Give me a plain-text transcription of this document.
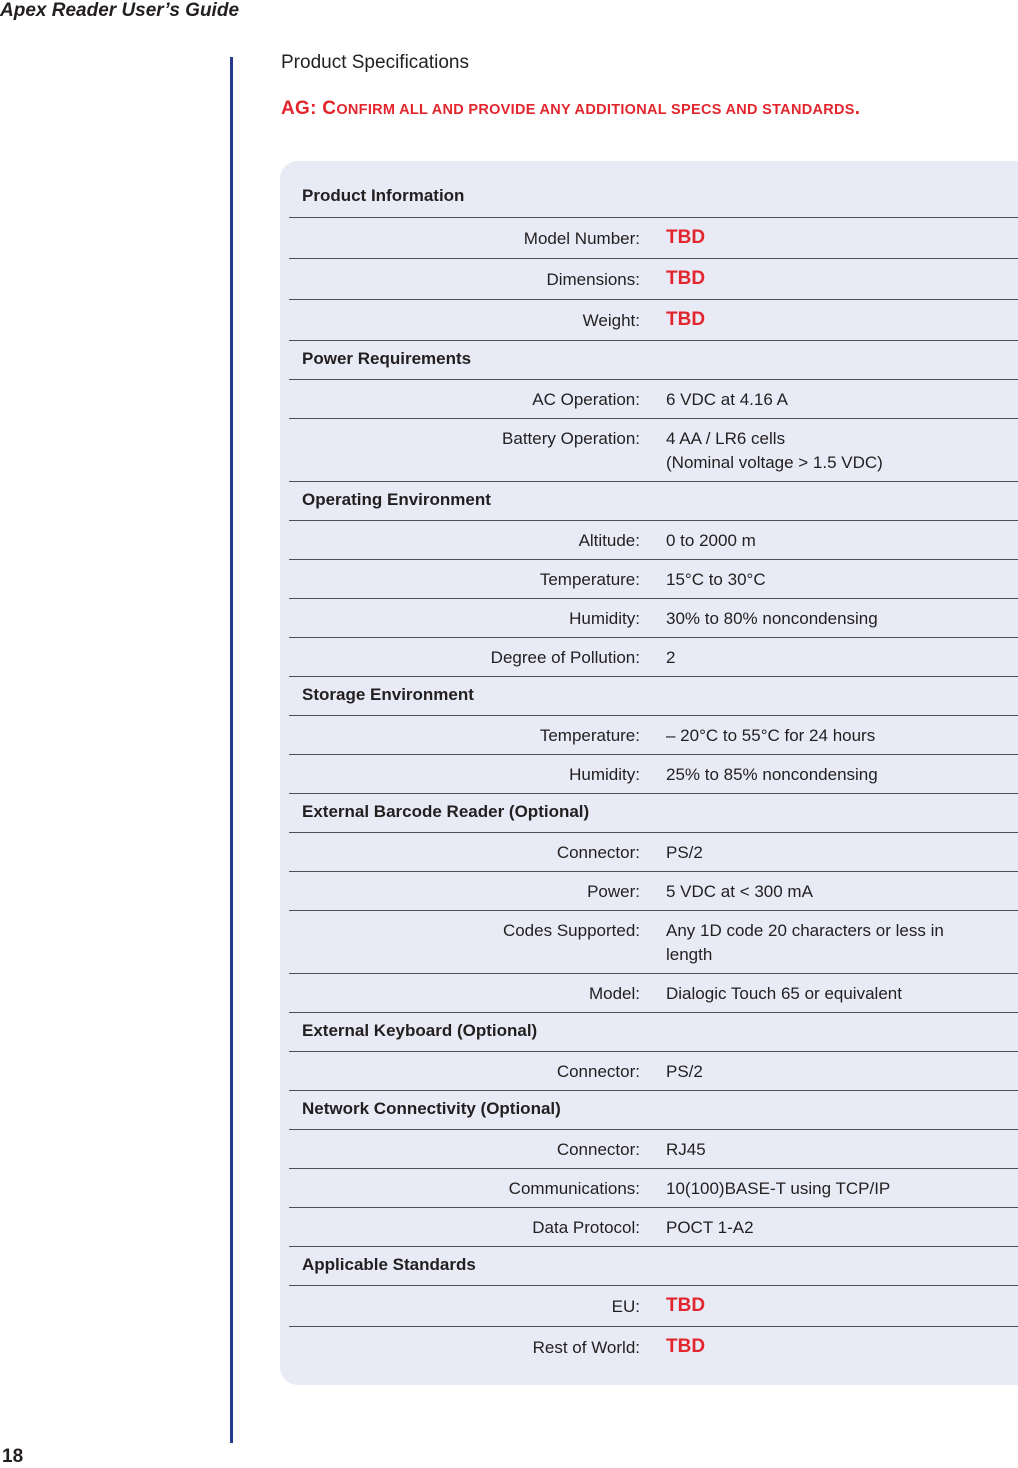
Apex Reader User’s Guide
18
Product Specifications
AG: CONFIRM ALL AND PROVIDE ANY ADDITIONAL SPECS AND STANDARDS.
Product Information
Model Number: TBD
Dimensions: TBD
Weight: TBD
Power Requirements
AC Operation: 6 VDC at 4.16 A
Battery Operation: 4 AA / LR6 cells
(Nominal voltage > 1.5 VDC)
Operating Environment
Altitude: 0 to 2000 m
Temperature: 15°C to 30°C
Humidity: 30% to 80% noncondensing
Degree of Pollution: 2
Storage Environment
Temperature: – 20°C to 55°C for 24 hours
Humidity: 25% to 85% noncondensing
External Barcode Reader (Optional)
Connector: PS/2
Power: 5 VDC at < 300 mA
Codes Supported: Any 1D code 20 characters or less in length
Model: Dialogic Touch 65 or equivalent
External Keyboard (Optional)
Connector: PS/2
Network Connectivity (Optional)
Connector: RJ45
Communications: 10(100)BASE-T using TCP/IP
Data Protocol: POCT 1-A2
Applicable Standards
EU: TBD
Rest of World: TBD
